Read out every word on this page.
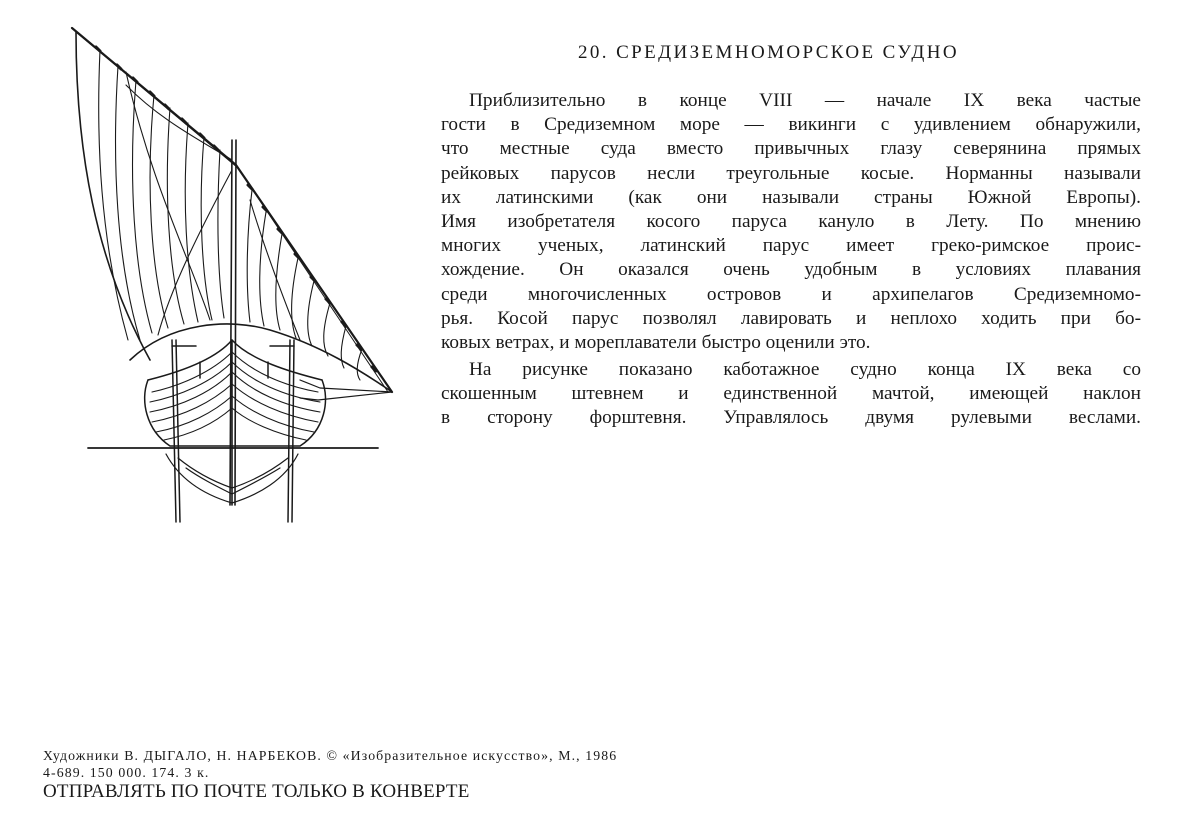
20. СРЕДИЗЕМНОМОРСКОЕ СУДНО

Приблизительно в конце VIII — начале IX века частые
гости в Средиземном море — викинги с удивлением обнаружили,
что местные суда вместо привычных глазу северянина прямых
рейковых парусов несли треугольные косые. Норманны называли
их латинскими (как они называли страны Южной Европы).
Имя изобретателя косого паруса кануло в Лету. По мнению
многих ученых, латинский парус имеет греко-римское проис-
хождение. Он оказался очень удобным в условиях плавания
среди многочисленных островов и архипелагов Средиземномо-
рья. Косой парус позволял лавировать и неплохо ходить при бо-
ковых ветрах, и мореплаватели быстро оценили это.

На рисунке показано каботажное судно конца IX века со
скошенным штевнем и единственной мачтой, имеющей наклон
в сторону форштевня. Управлялось двумя рулевыми веслами.

Художники В. ДЫГАЛО, Н. НАРБЕКОВ. © «Изобразительное искусство», М., 1986
4-689. 150 000. 174. 3 к.
ОТПРАВЛЯТЬ ПО ПОЧТЕ ТОЛЬКО В КОНВЕРТЕ
